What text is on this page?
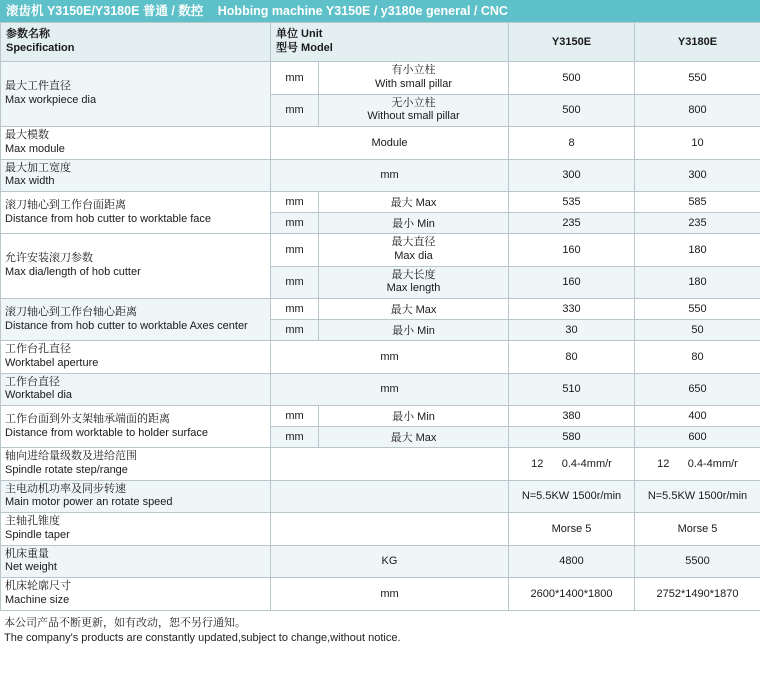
滚齿机 Y3150E/Y3180E 普通 / 数控 Hobbing machine Y3150E / y3180e general / CNC
参数名称
Specification	单位 Unit
型号 Model		Y3150E	Y3180E

最大工件直径
Max workpiece dia	mm	有小立柱
With small pillar	500	550
	mm	无小立柱
Without small pillar	500	800

最大模数
Max module	Module		8	10

最大加工宽度
Max width	mm		300	300

滚刀轴心到工作台面距离
Distance from hob cutter to worktable face	mm	最大 Max	535	585
	mm	最小 Min	235	235

允许安装滚刀参数
Max dia/length of hob cutter	mm	最大直径
Max dia	160	180
	mm	最大长度
Max length	160	180

滚刀轴心到工作台轴心距离
Distance from hob cutter to worktable Axes center	mm	最大 Max	330	550
	mm	最小 Min	30	50

工作台孔直径
Worktabel aperture	mm		80	80

工作台直径
Worktabel dia	mm		510	650

工作台面到外支架轴承端面的距离
Distance from worktable to holder surface	mm	最小 Min	380	400
	mm	最大 Max	580	600

轴向进给量级数及进给范围
Spindle rotate step/range			12      0.4-4mm/r	12      0.4-4mm/r

主电动机功率及同步转速
Main motor power an rotate speed			N=5.5KW 1500r/min	N=5.5KW 1500r/min

主轴孔锥度
Spindle taper			Morse 5	Morse 5

机床重量
Net weight	KG		4800	5500

机床轮廓尺寸
Machine size	mm		2600*1400*1800	2752*1490*1870
本公司产品不断更新，如有改动，恕不另行通知。
The company's products are constantly updated,subject to change,without notice.
